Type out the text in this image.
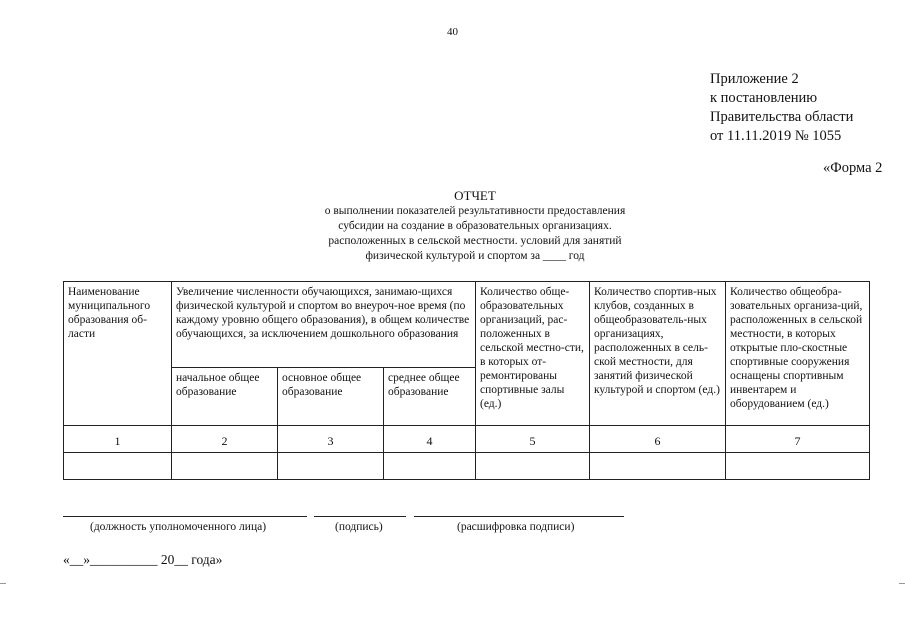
40
Приложение 2
к постановлению
Правительства области
от 11.11.2019 № 1055
«Форма 2
ОТЧЕТ
о выполнении показателей результативности предоставления
субсидии на создание в образовательных организациях.
расположенных в сельской местности. условий для занятий
физической культурой и спортом за ____ год
Наименование муниципального образования об-ласти	Увеличение численности обучающихся, занимаю-щихся физической культурой и спортом во внеуроч-ное время (по каждому уровню общего образования), в общем количестве обучающихся, за исключением дошкольного образования			Количество обще-образовательных организаций, рас-положенных в сельской местно-сти, в которых от-ремонтированы спортивные залы (ед.)	Количество спортив-ных клубов, созданных в общеобразователь-ных организациях, расположенных в сель-ской местности, для занятий физической культурой и спортом (ед.)	Количество общеобра-зовательных организа-ций, расположенных в сельской местности, в которых открытые пло-скостные спортивные сооружения оснащены спортивным инвентарем и оборудованием (ед.)
	начальное общее образование	основное общее образование	среднее общее образование			
1	2	3	4	5	6	7

(должность уполномоченного лица)	(подпись)	(расшифровка подписи)
«__»__________ 20__ года»
